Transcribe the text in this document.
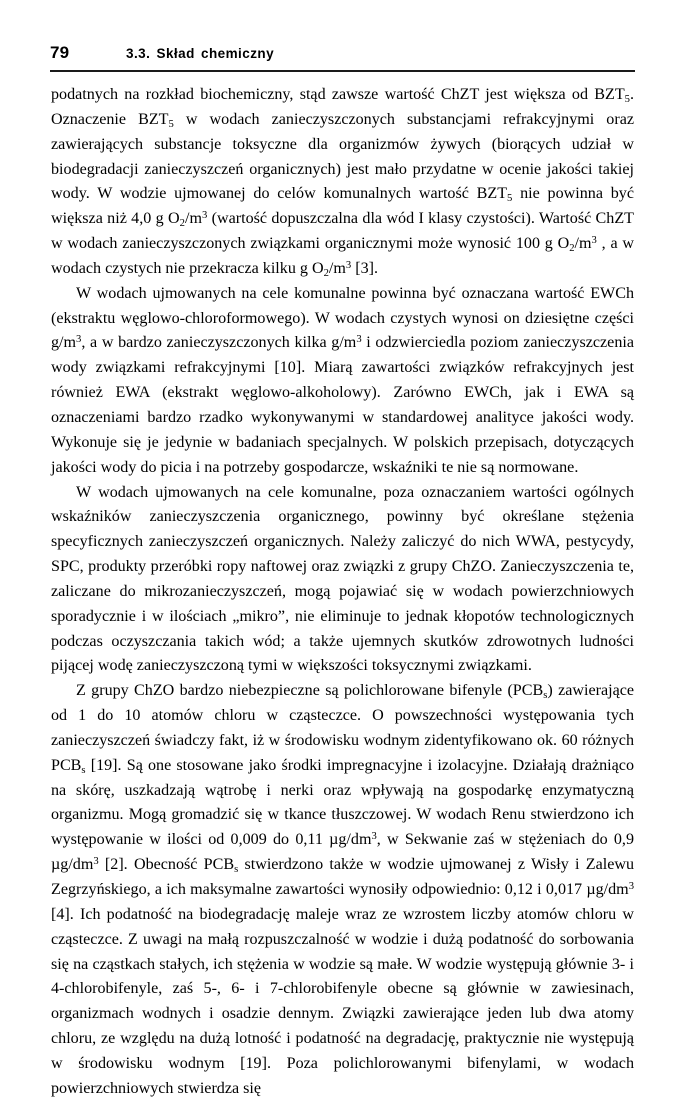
79	3.3. Skład chemiczny

podatnych na rozkład biochemiczny, stąd zawsze wartość ChZT jest większa od $BZT_5$. Oznaczenie $BZT_5$ w wodach zanieczyszczonych substancjami refrakcyjnymi oraz zawierających substancje toksyczne dla organizmów żywych (biorących udział w biodegradacji zanieczyszczeń organicznych) jest mało przydatne w ocenie jakości takiej wody. W wodzie ujmowanej do celów komunalnych wartość $BZT_5$ nie powinna być większa niż 4,0 g $O_2/m^3$ (wartość dopuszczalna dla wód I klasy czystości). Wartość ChZT w wodach zanieczyszczonych związkami organicznymi może wynosić 100 g $O_2/m^3$ , a w wodach czystych nie przekracza kilku g $O_2/m^3$ [3].

W wodach ujmowanych na cele komunalne powinna być oznaczana wartość EWCh (ekstraktu węglowo-chloroformowego). W wodach czystych wynosi on dziesiętne części $g/m^3$, a w bardzo zanieczyszczonych kilka $g/m^3$ i odzwierciedla poziom zanieczyszczenia wody związkami refrakcyjnymi [10]. Miarą zawartości związków refrakcyjnych jest również EWA (ekstrakt węglowo-alkoholowy). Zarówno EWCh, jak i EWA są oznaczeniami bardzo rzadko wykonywanymi w standardowej analityce jakości wody. Wykonuje się je jedynie w badaniach specjalnych. W polskich przepisach, dotyczących jakości wody do picia i na potrzeby gospodarcze, wskaźniki te nie są normowane.

W wodach ujmowanych na cele komunalne, poza oznaczaniem wartości ogólnych wskaźników zanieczyszczenia organicznego, powinny być określane stężenia specyficznych zanieczyszczeń organicznych. Należy zaliczyć do nich WWA, pestycydy, SPC, produkty przeróbki ropy naftowej oraz związki z grupy ChZO. Zanieczyszczenia te, zaliczane do mikrozanieczyszczeń, mogą pojawiać się w wodach powierzchniowych sporadycznie i w ilościach „mikro”, nie eliminuje to jednak kłopotów technologicznych podczas oczyszczania takich wód; a także ujemnych skutków zdrowotnych ludności pijącej wodę zanieczyszczoną tymi w większości toksycznymi związkami.

Z grupy ChZO bardzo niebezpieczne są polichlorowane bifenyle $(PCB_s)$ zawierające od 1 do 10 atomów chloru w cząsteczce. O powszechności występowania tych zanieczyszczeń świadczy fakt, iż w środowisku wodnym zidentyfikowano ok. 60 różnych $PCB_s$ [19]. Są one stosowane jako środki impregnacyjne i izolacyjne. Działają drażniąco na skórę, uszkadzają wątrobę i nerki oraz wpływają na gospodarkę enzymatyczną organizmu. Mogą gromadzić się w tkance tłuszczowej. W wodach Renu stwierdzono ich występowanie w ilości od 0,009 do 0,11 $\mu g/dm^3$, w Sekwanie zaś w stężeniach do 0,9 $\mu g/dm^3$ [2]. Obecność $PCB_s$ stwierdzono także w wodzie ujmowanej z Wisły i Zalewu Zegrzyńskiego, a ich maksymalne zawartości wynosiły odpowiednio: 0,12 i 0,017 $\mu g/dm^3$ [4]. Ich podatność na biodegradację maleje wraz ze wzrostem liczby atomów chloru w cząsteczce. Z uwagi na małą rozpuszczalność w wodzie i dużą podatność do sorbowania się na cząstkach stałych, ich stężenia w wodzie są małe. W wodzie występują głównie 3- i 4-chlorobifenyle, zaś 5-, 6- i 7-chlorobifenyle obecne są głównie w zawiesinach, organizmach wodnych i osadzie dennym. Związki zawierające jeden lub dwa atomy chloru, ze względu na dużą lotność i podatność na degradację, praktycznie nie występują w środowisku wodnym [19]. Poza polichlorowanymi bifenylami, w wodach powierzchniowych stwierdza się
